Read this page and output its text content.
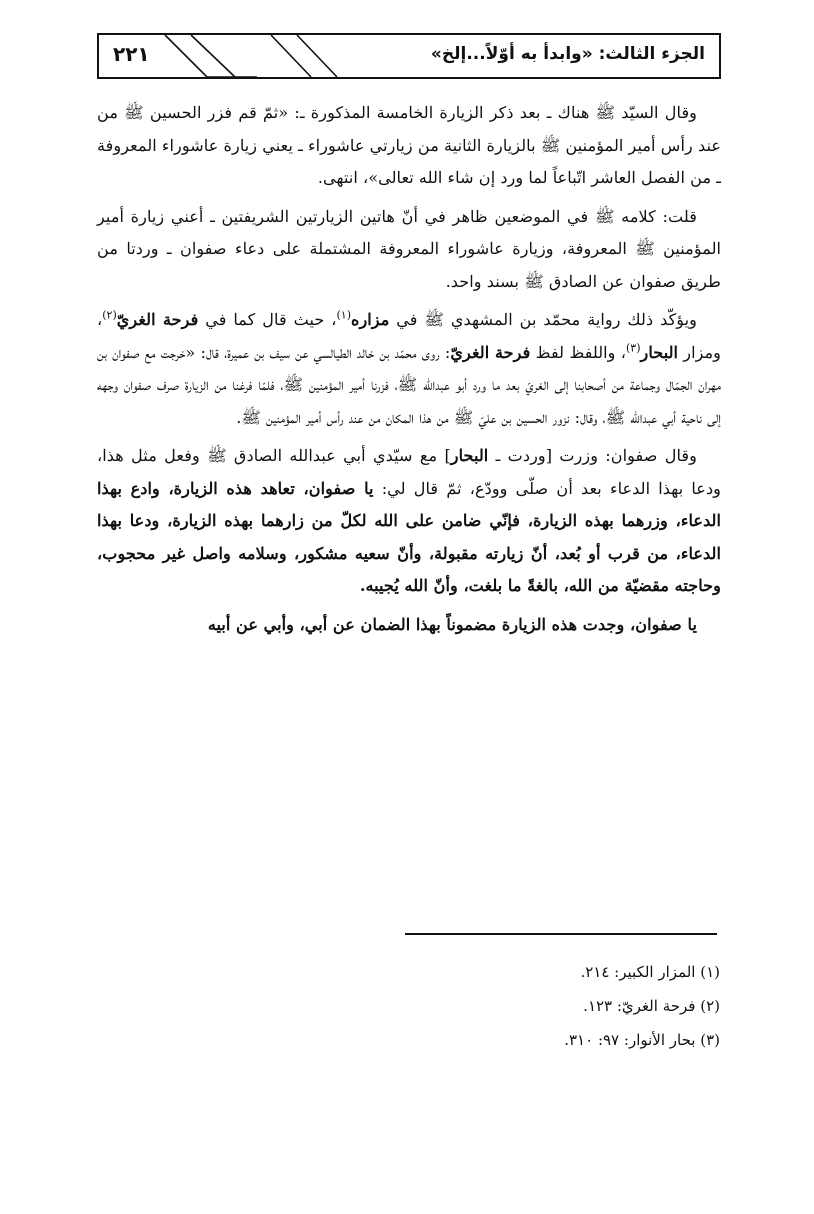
الجزء الثالث: «وابدأ به أوّلاً...إلخ»
٢٢١

وقال السيّد ﷺ هناك ـ بعد ذكر الزيارة الخامسة المذكورة ـ: «ثمّ قم فزر الحسين ﷺ من عند رأس أمير المؤمنين ﷺ بالزيارة الثانية من زيارتي عاشوراء ـ يعني زيارة عاشوراء المعروفة ـ من الفصل العاشر اتّباعاً لما ورد إن شاء الله تعالى»، انتهى.

قلت: كلامه ﷺ في الموضعين ظاهر في أنّ هاتين الزيارتين الشريفتين ـ أعني زيارة أمير المؤمنين ﷺ المعروفة، وزيارة عاشوراء المعروفة المشتملة على دعاء صفوان ـ وردتا من طريق صفوان عن الصادق ﷺ بسند واحد.

ويؤكّد ذلك رواية محمّد بن المشهدي ﷺ في مزاره$^{(١)}$، حيث قال كما في فرحة الغريّ$^{(٢)}$، ومزار البحار$^{(٣)}$، واللفظ لفظ فرحة الغريّ: روى محمّد بن خالد الطيالسي عن سيف بن عميرة، قال: «خرجت مع صفوان بن مهران الجمّال وجماعة من أصحابنا إلى الغريّ بعد ما ورد أبو عبدالله ﷺ، فزرنا أمير المؤمنين ﷺ، فلمّا فرغنا من الزيارة صرف صفوان وجهه إلى ناحية أبي عبدالله ﷺ، وقال: نزور الحسين بن عليّ ﷺ من هذا المكان من عند رأس أمير المؤمنين ﷺ.

وقال صفوان: وزرت [وردت ـ البحار] مع سيّدي أبي عبدالله الصادق ﷺ وفعل مثل هذا، ودعا بهذا الدعاء بعد أن صلّى وودّع، ثمّ قال لي: يا صفوان، تعاهد هذه الزيارة، وادع بهذا الدعاء، وزرهما بهذه الزيارة، فإنّي ضامن على الله لكلّ من زارهما بهذه الزيارة، ودعا بهذا الدعاء، من قرب أو بُعد، أنّ زيارته مقبولة، وأنّ سعيه مشكور، وسلامه واصل غير محجوب، وحاجته مقضيّة من الله، بالغةً ما بلغت، وأنّ الله يُجيبه.

يا صفوان، وجدت هذه الزيارة مضموناً بهذا الضمان عن أبي، وأبي عن أبيه

(١) المزار الكبير: ٢١٤.

(٢) فرحة الغريّ: ١٢٣.

(٣) بحار الأنوار: ٩٧: ٣١٠.
